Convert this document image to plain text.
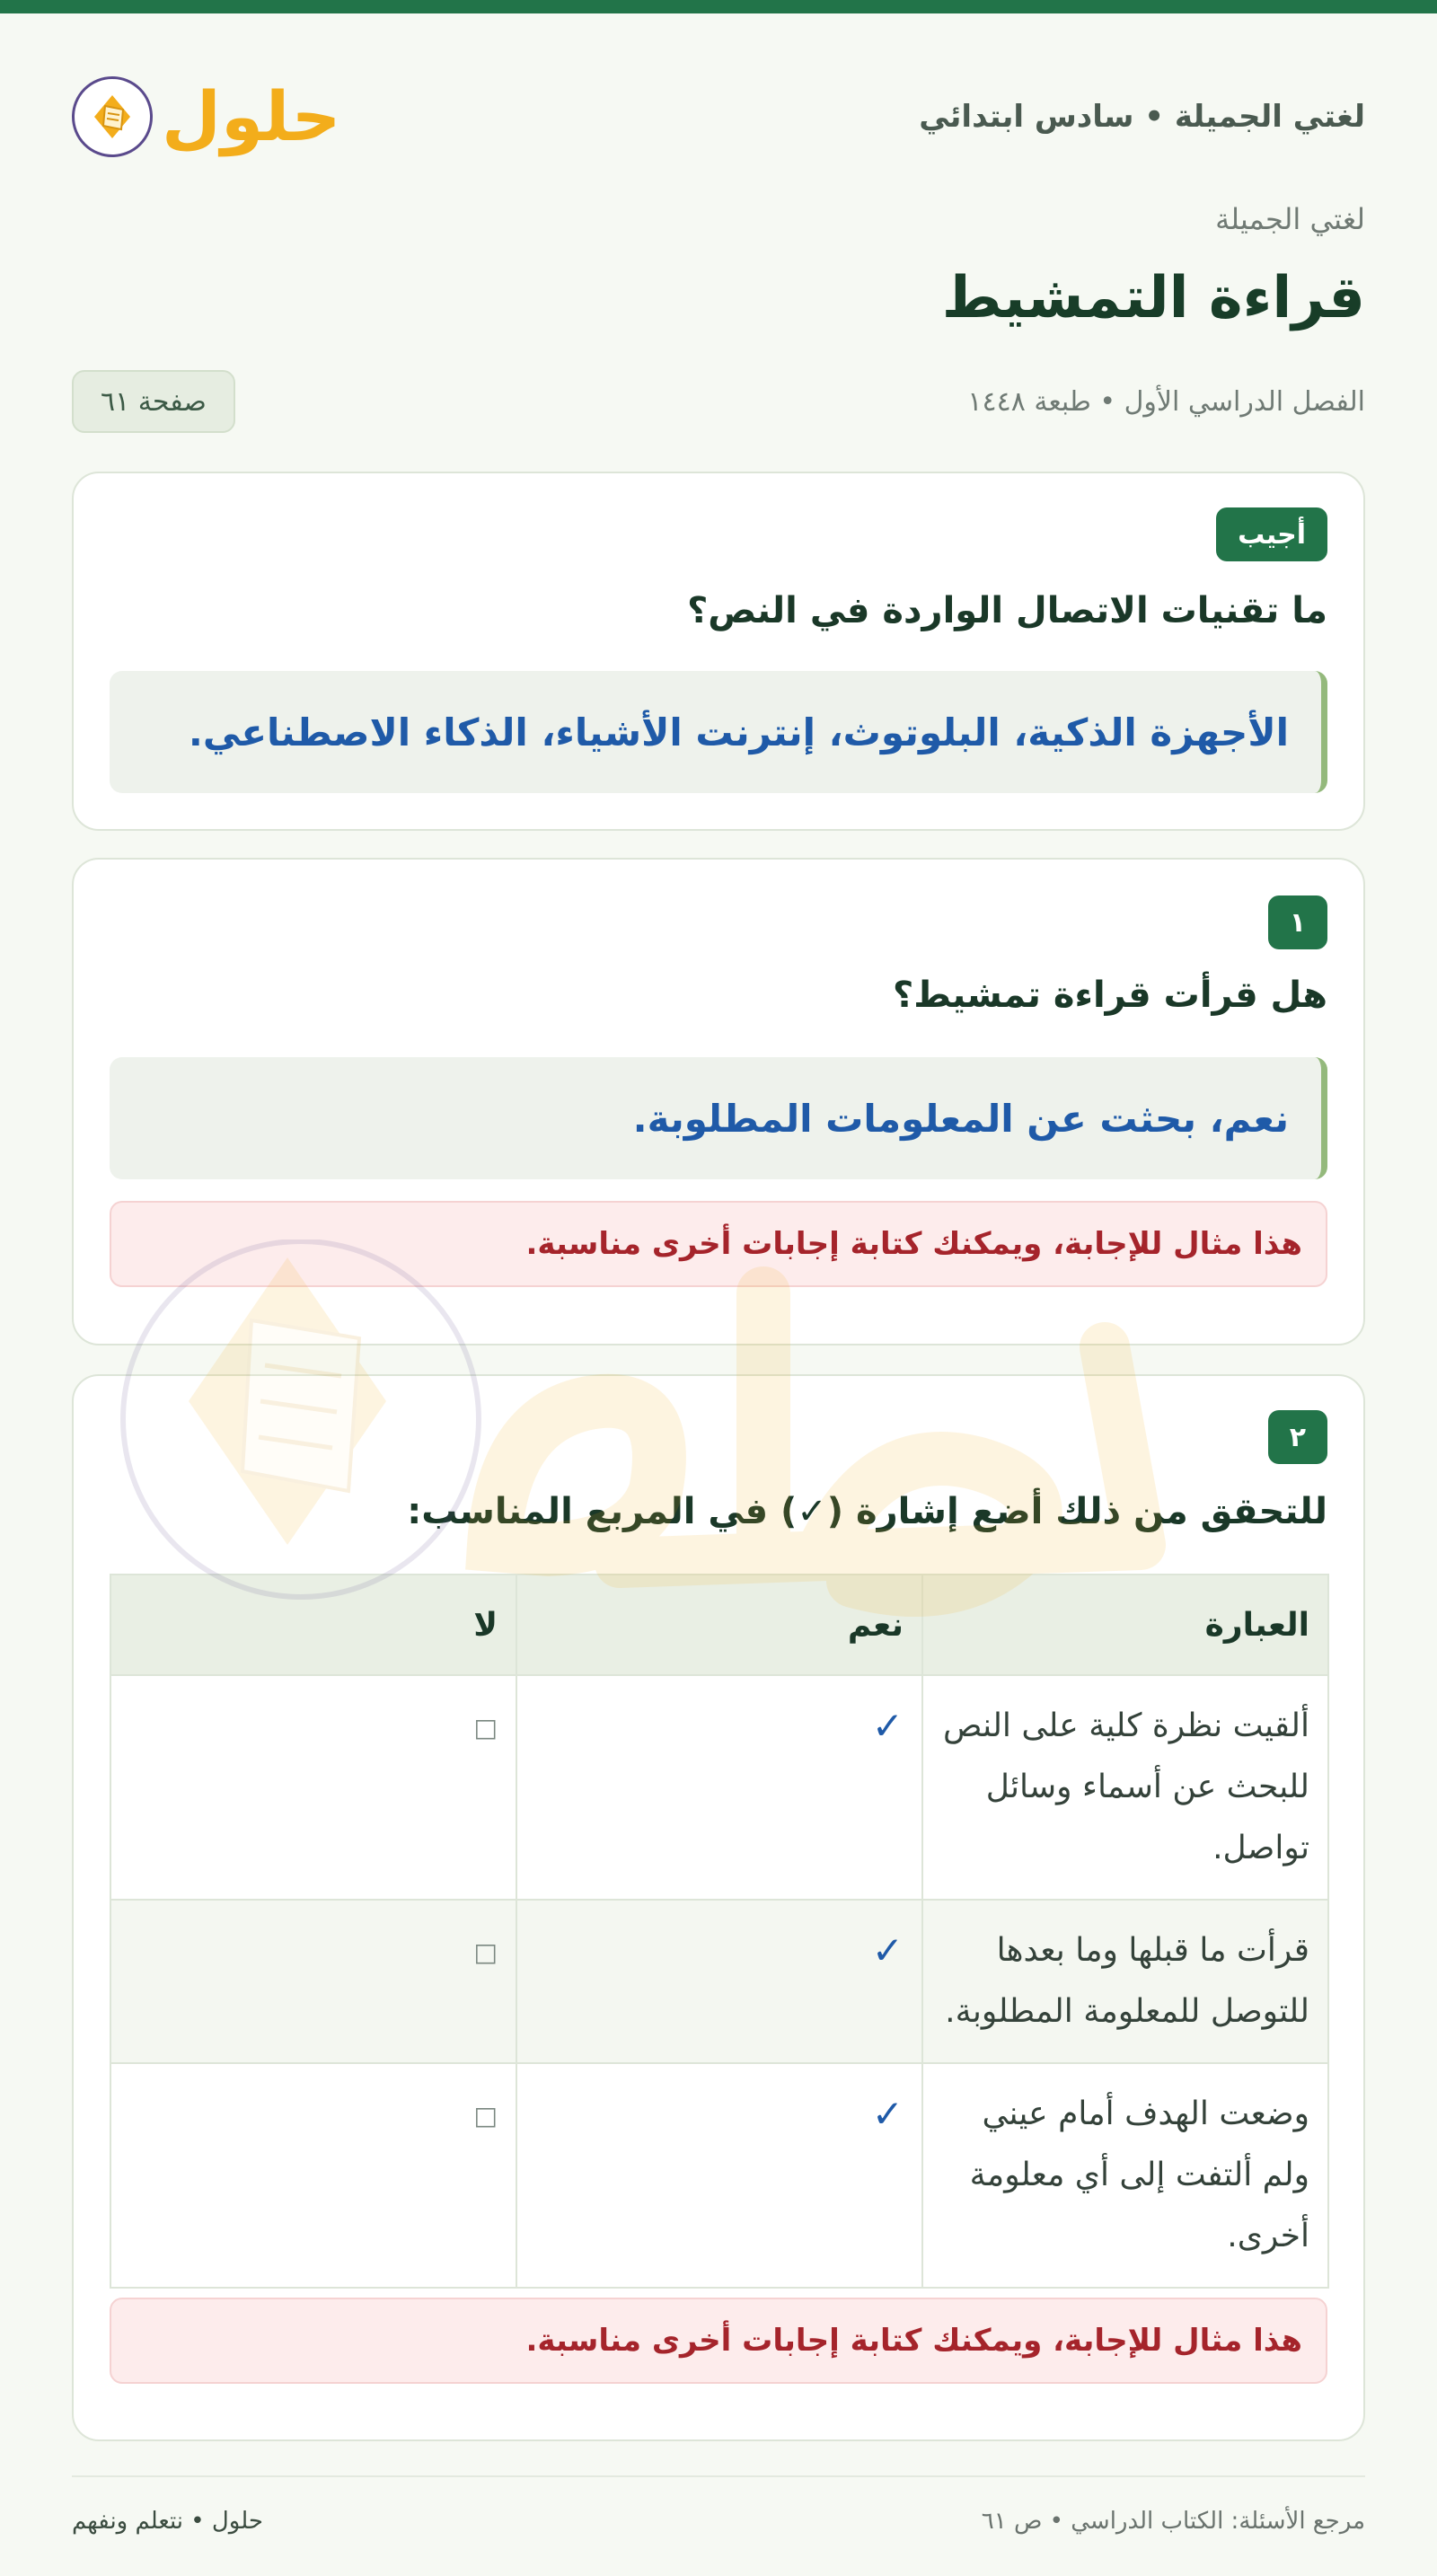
لغتي الجميلة • سادس ابتدائي
حلول
لغتي الجميلة
قراءة التمشيط
الفصل الدراسي الأول • طبعة ١٤٤٨
صفحة ٦١
أجيب
ما تقنيات الاتصال الواردة في النص؟
الأجهزة الذكية، البلوتوث، إنترنت الأشياء، الذكاء الاصطناعي.
١
هل قرأت قراءة تمشيط؟
نعم، بحثت عن المعلومات المطلوبة.
هذا مثال للإجابة، ويمكنك كتابة إجابات أخرى مناسبة.
٢
للتحقق من ذلك أضع إشارة (✓) في المربع المناسب:
العبارة	نعم	لا
ألقيت نظرة كلية على النص للبحث عن أسماء وسائل تواصل.	✓	□
قرأت ما قبلها وما بعدها للتوصل للمعلومة المطلوبة.	✓	□
وضعت الهدف أمام عيني ولم ألتفت إلى أي معلومة أخرى.	✓	□
هذا مثال للإجابة، ويمكنك كتابة إجابات أخرى مناسبة.
مرجع الأسئلة: الكتاب الدراسي • ص ٦١
حلول • نتعلم ونفهم
